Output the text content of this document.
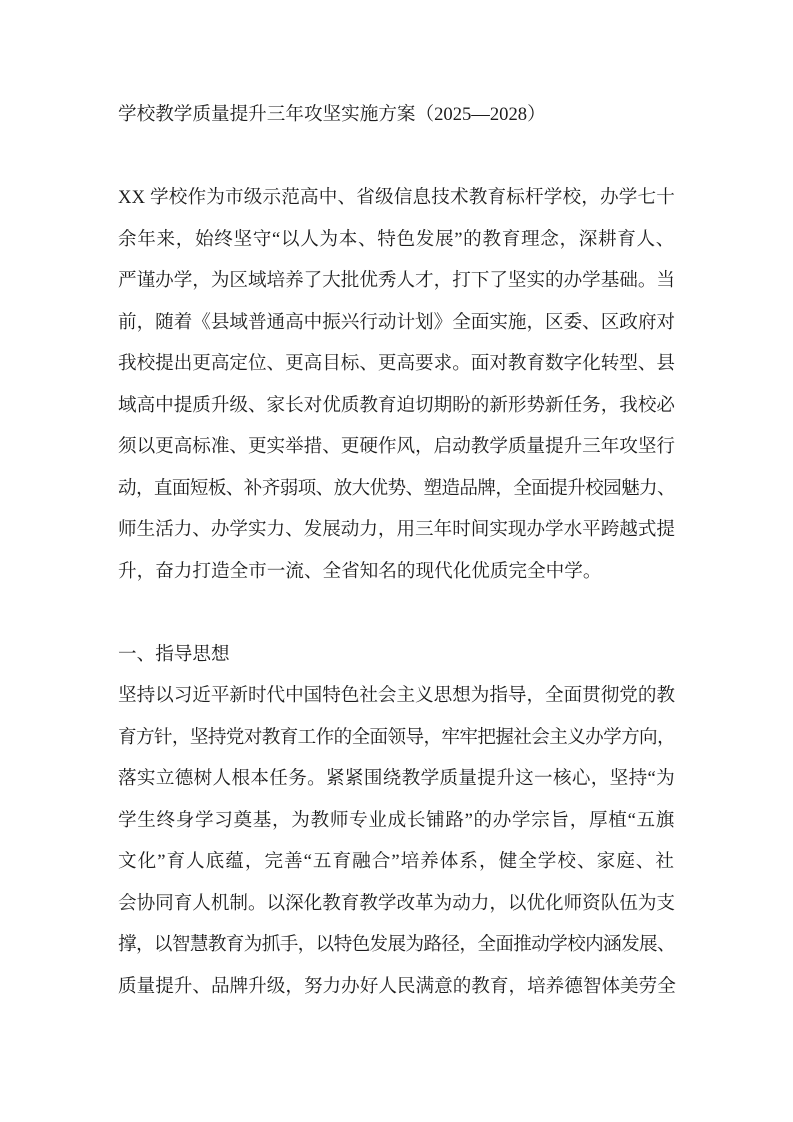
学校教学质量提升三年攻坚实施方案（2025—2028）
XX 学校作为市级示范高中、省级信息技术教育标杆学校，办学七十
余年来，始终坚守“以人为本、特色发展”的教育理念，深耕育人、
严谨办学，为区域培养了大批优秀人才，打下了坚实的办学基础。当
前，随着《县域普通高中振兴行动计划》全面实施，区委、区政府对
我校提出更高定位、更高目标、更高要求。面对教育数字化转型、县
域高中提质升级、家长对优质教育迫切期盼的新形势新任务，我校必
须以更高标准、更实举措、更硬作风，启动教学质量提升三年攻坚行
动，直面短板、补齐弱项、放大优势、塑造品牌，全面提升校园魅力、
师生活力、办学实力、发展动力，用三年时间实现办学水平跨越式提
升，奋力打造全市一流、全省知名的现代化优质完全中学。
一、指导思想
坚持以习近平新时代中国特色社会主义思想为指导，全面贯彻党的教
育方针，坚持党对教育工作的全面领导，牢牢把握社会主义办学方向，
落实立德树人根本任务。紧紧围绕教学质量提升这一核心，坚持“为
学生终身学习奠基，为教师专业成长铺路”的办学宗旨，厚植“五旗
文化”育人底蕴，完善“五育融合”培养体系，健全学校、家庭、社
会协同育人机制。以深化教育教学改革为动力，以优化师资队伍为支
撑，以智慧教育为抓手，以特色发展为路径，全面推动学校内涵发展、
质量提升、品牌升级，努力办好人民满意的教育，培养德智体美劳全
